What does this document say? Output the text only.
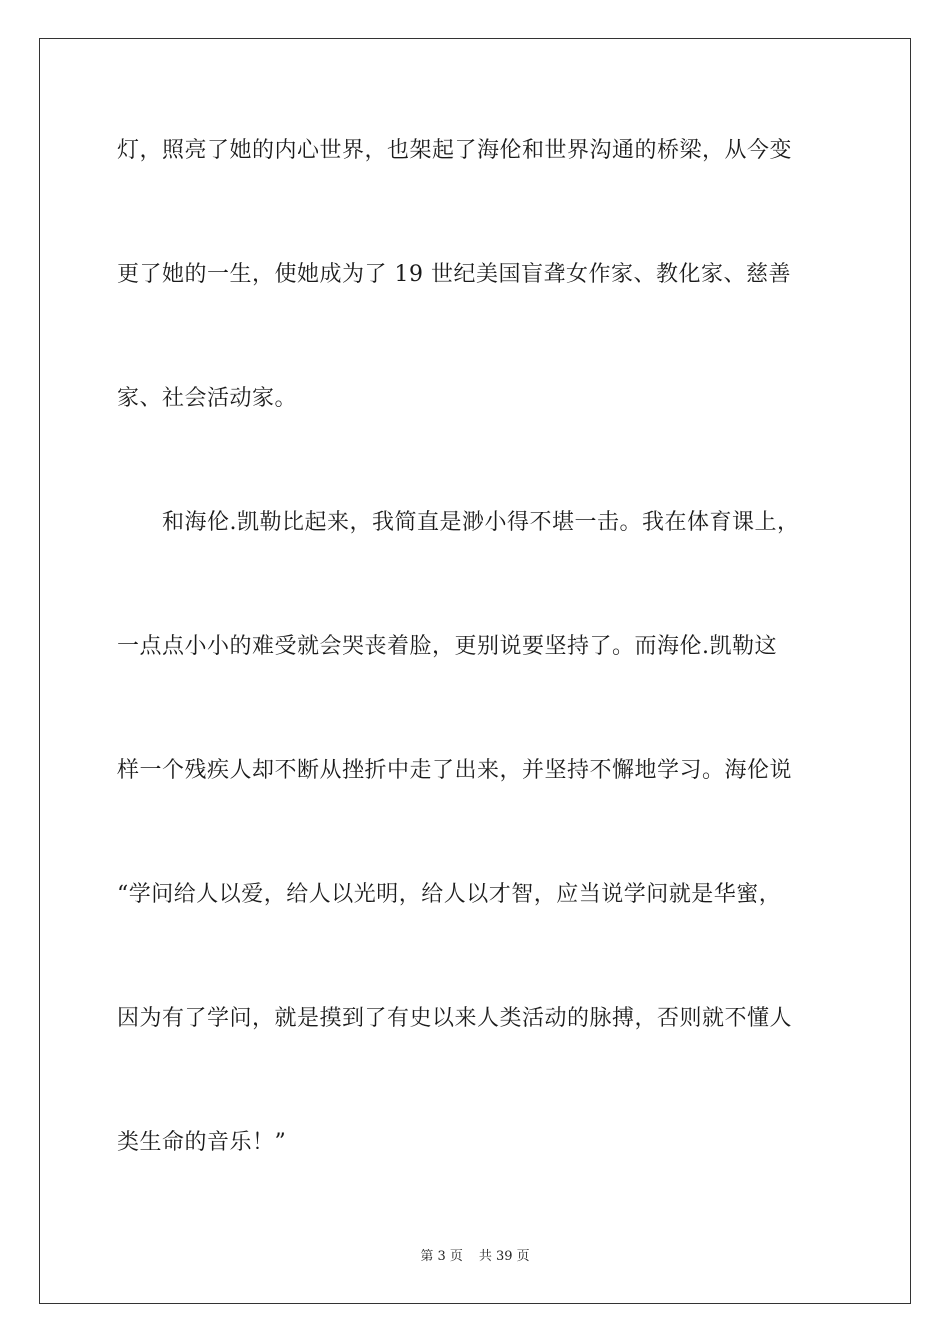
灯，照亮了她的内心世界，也架起了海伦和世界沟通的桥梁，从今变
更了她的一生，使她成为了 19 世纪美国盲聋女作家、教化家、慈善
家、社会活动家。
和海伦.凯勒比起来，我简直是渺小得不堪一击。我在体育课上，
一点点小小的难受就会哭丧着脸，更别说要坚持了。而海伦.凯勒这
样一个残疾人却不断从挫折中走了出来，并坚持不懈地学习。海伦说
“学问给人以爱，给人以光明，给人以才智，应当说学问就是华蜜，
因为有了学问，就是摸到了有史以来人类活动的脉搏，否则就不懂人
类生命的音乐！”
第 3 页 共 39 页
